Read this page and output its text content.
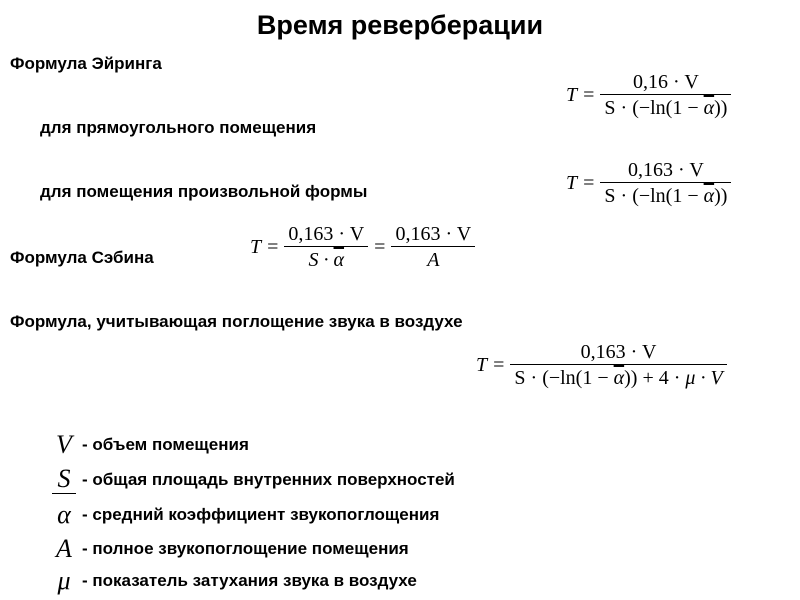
Время реверберации
Формула Эйринга
для прямоугольного помещения
для помещения произвольной формы
Формула Сэбина
Формула, учитывающая поглощение звука в воздухе
$T = \frac{0,16 \cdot V}{S \cdot (-\ln(1 - \overline{\alpha}))}$
$T = \frac{0,163 \cdot V}{S \cdot (-\ln(1 - \overline{\alpha}))}$
$T = \frac{0,163 \cdot V}{S \cdot \overline{\alpha}} = \frac{0,163 \cdot V}{A}$
$T = \frac{0,163 \cdot V}{S \cdot (-\ln(1 - \overline{\alpha})) + 4 \cdot \mu \cdot V}$
V - объем помещения
S - общая площадь внутренних поверхностей
α - средний коэффициент звукопоглощения
A - полное звукопоглощение помещения
μ - показатель затухания звука в воздухе
